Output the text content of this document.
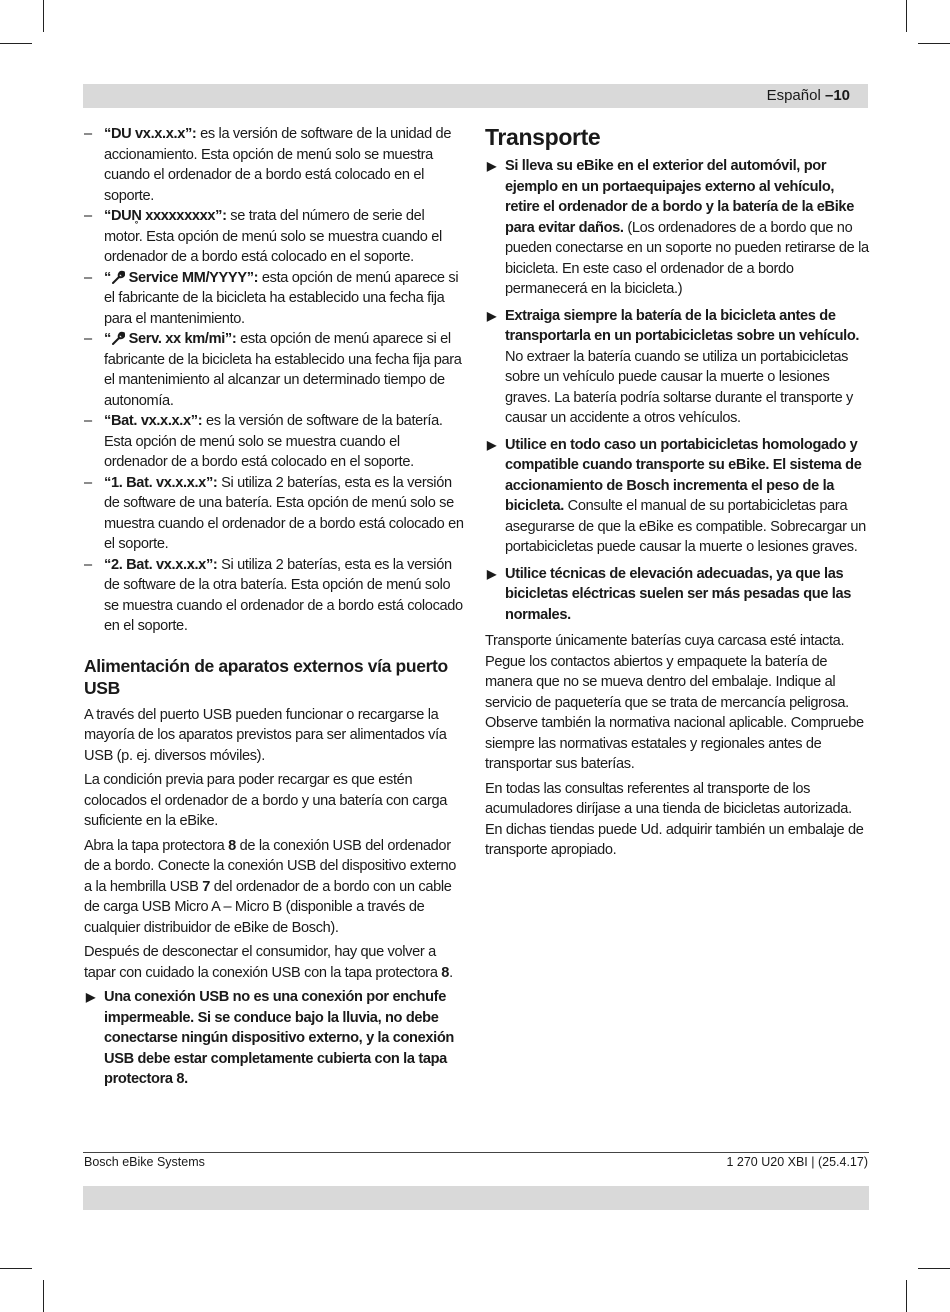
Español –10
– “DU vx.x.x.x”: es la versión de software de la unidad de accionamiento. Esta opción de menú solo se muestra cuando el ordenador de a bordo está colocado en el soporte.
– “DUN̥ xxxxxxxxx”: se trata del número de serie del motor. Esta opción de menú solo se muestra cuando el ordenador de a bordo está colocado en el soporte.
– “ Service MM/YYYY”: esta opción de menú aparece si el fabricante de la bicicleta ha establecido una fecha fija para el mantenimiento.
– “ Serv. xx km/mi”: esta opción de menú aparece si el fabricante de la bicicleta ha establecido una fecha fija para el mantenimiento al alcanzar un determinado tiempo de autonomía.
– “Bat. vx.x.x.x”: es la versión de software de la batería. Esta opción de menú solo se muestra cuando el ordenador de a bordo está colocado en el soporte.
– “1. Bat. vx.x.x.x”: Si utiliza 2 baterías, esta es la versión de software de una batería. Esta opción de menú solo se muestra cuando el ordenador de a bordo está colocado en el soporte.
– “2. Bat. vx.x.x.x”: Si utiliza 2 baterías, esta es la versión de software de la otra batería. Esta opción de menú solo se muestra cuando el ordenador de a bordo está colocado en el soporte.
Alimentación de aparatos externos vía puerto USB

A través del puerto USB pueden funcionar o recargarse la mayoría de los aparatos previstos para ser alimentados vía USB (p. ej. diversos móviles).

La condición previa para poder recargar es que estén colocados el ordenador de a bordo y una batería con carga suficiente en la eBike.

Abra la tapa protectora 8 de la conexión USB del ordenador de a bordo. Conecte la conexión USB del dispositivo externo a la hembrilla USB 7 del ordenador de a bordo con un cable de carga USB Micro A – Micro B (disponible a través de cualquier distribuidor de eBike de Bosch).

Después de desconectar el consumidor, hay que volver a tapar con cuidado la conexión USB con la tapa protectora 8.

▶ Una conexión USB no es una conexión por enchufe impermeable. Si se conduce bajo la lluvia, no debe conectarse ningún dispositivo externo, y la conexión USB debe estar completamente cubierta con la tapa protectora 8.

Transporte

▶ Si lleva su eBike en el exterior del automóvil, por ejemplo en un portaequipajes externo al vehículo, retire el ordenador de a bordo y la batería de la eBike para evitar daños. (Los ordenadores de a bordo que no pueden conectarse en un soporte no pueden retirarse de la bicicleta. En este caso el ordenador de a bordo permanecerá en la bicicleta.)

▶ Extraiga siempre la batería de la bicicleta antes de transportarla en un portabicicletas sobre un vehículo. No extraer la batería cuando se utiliza un portabicicletas sobre un vehículo puede causar la muerte o lesiones graves. La batería podría soltarse durante el transporte y causar un accidente a otros vehículos.

▶ Utilice en todo caso un portabicicletas homologado y compatible cuando transporte su eBike. El sistema de accionamiento de Bosch incrementa el peso de la bicicleta. Consulte el manual de su portabicicletas para asegurarse de que la eBike es compatible. Sobrecargar un portabicicletas puede causar la muerte o lesiones graves.

▶ Utilice técnicas de elevación adecuadas, ya que las bicicletas eléctricas suelen ser más pesadas que las normales.

Transporte únicamente baterías cuya carcasa esté intacta. Pegue los contactos abiertos y empaquete la batería de manera que no se mueva dentro del embalaje. Indique al servicio de paquetería que se trata de mercancía peligrosa. Observe también la normativa nacional aplicable. Compruebe siempre las normativas estatales y regionales antes de transportar sus baterías.

En todas las consultas referentes al transporte de los acumuladores diríjase a una tienda de bicicletas autorizada. En dichas tiendas puede Ud. adquirir también un embalaje de transporte apropiado.

Bosch eBike Systems	1 270 U20 XBI | (25.4.17)
